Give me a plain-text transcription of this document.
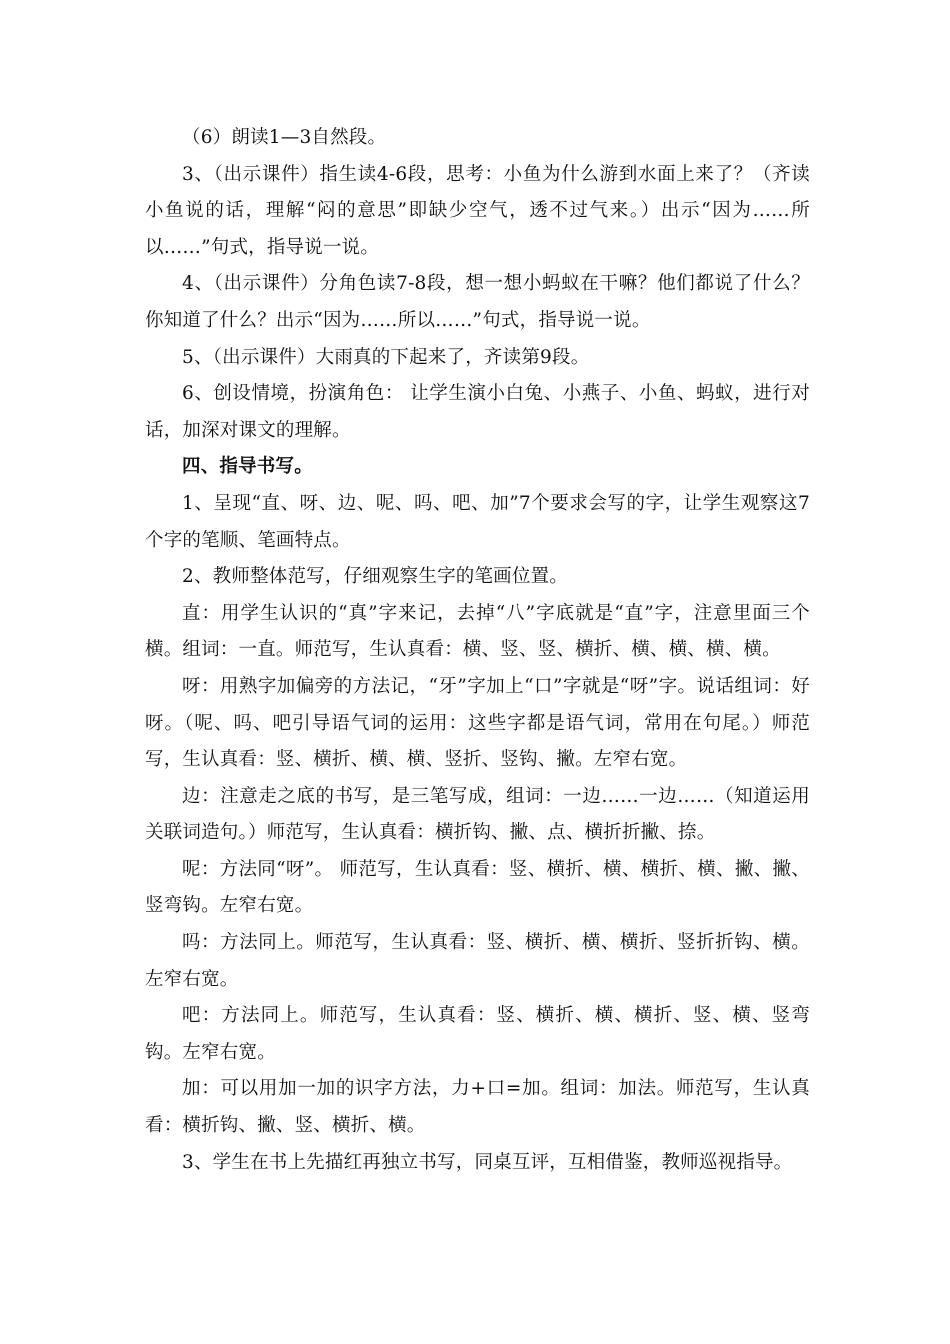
（6）朗读1—3自然段。

3、（出示课件）指生读4-6段，思考：小鱼为什么游到水面上来了？（齐读小鱼说的话，理解“闷的意思”即缺少空气，透不过气来。）出示“因为……所以……”句式，指导说一说。

4、（出示课件）分角色读7-8段，想一想小蚂蚁在干嘛？他们都说了什么？你知道了什么？出示“因为……所以……”句式，指导说一说。

5、（出示课件）大雨真的下起来了，齐读第9段。

6、创设情境，扮演角色： 让学生演小白兔、小燕子、小鱼、蚂蚁，进行对话，加深对课文的理解。

四、指导书写。

1、呈现“直、呀、边、呢、吗、吧、加”7个要求会写的字，让学生观察这7个字的笔顺、笔画特点。

2、教师整体范写，仔细观察生字的笔画位置。

直：用学生认识的“真”字来记，去掉“八”字底就是“直”字，注意里面三个横。组词：一直。师范写，生认真看：横、竖、竖、横折、横、横、横、横。

呀：用熟字加偏旁的方法记，“牙”字加上“口”字就是“呀”字。说话组词：好呀。（呢、吗、吧引导语气词的运用：这些字都是语气词，常用在句尾。）师范写，生认真看：竖、横折、横、横、竖折、竖钩、撇。左窄右宽。

边：注意走之底的书写，是三笔写成，组词：一边……一边……（知道运用关联词造句。）师范写，生认真看：横折钩、撇、点、横折折撇、捺。

呢：方法同“呀”。 师范写，生认真看：竖、横折、横、横折、横、撇、撇、竖弯钩。左窄右宽。

吗：方法同上。师范写，生认真看：竖、横折、横、横折、竖折折钩、横。左窄右宽。

吧：方法同上。师范写，生认真看：竖、横折、横、横折、竖、横、竖弯钩。左窄右宽。

加：可以用加一加的识字方法，力+口=加。组词：加法。师范写，生认真看：横折钩、撇、竖、横折、横。

3、学生在书上先描红再独立书写，同桌互评，互相借鉴，教师巡视指导。
